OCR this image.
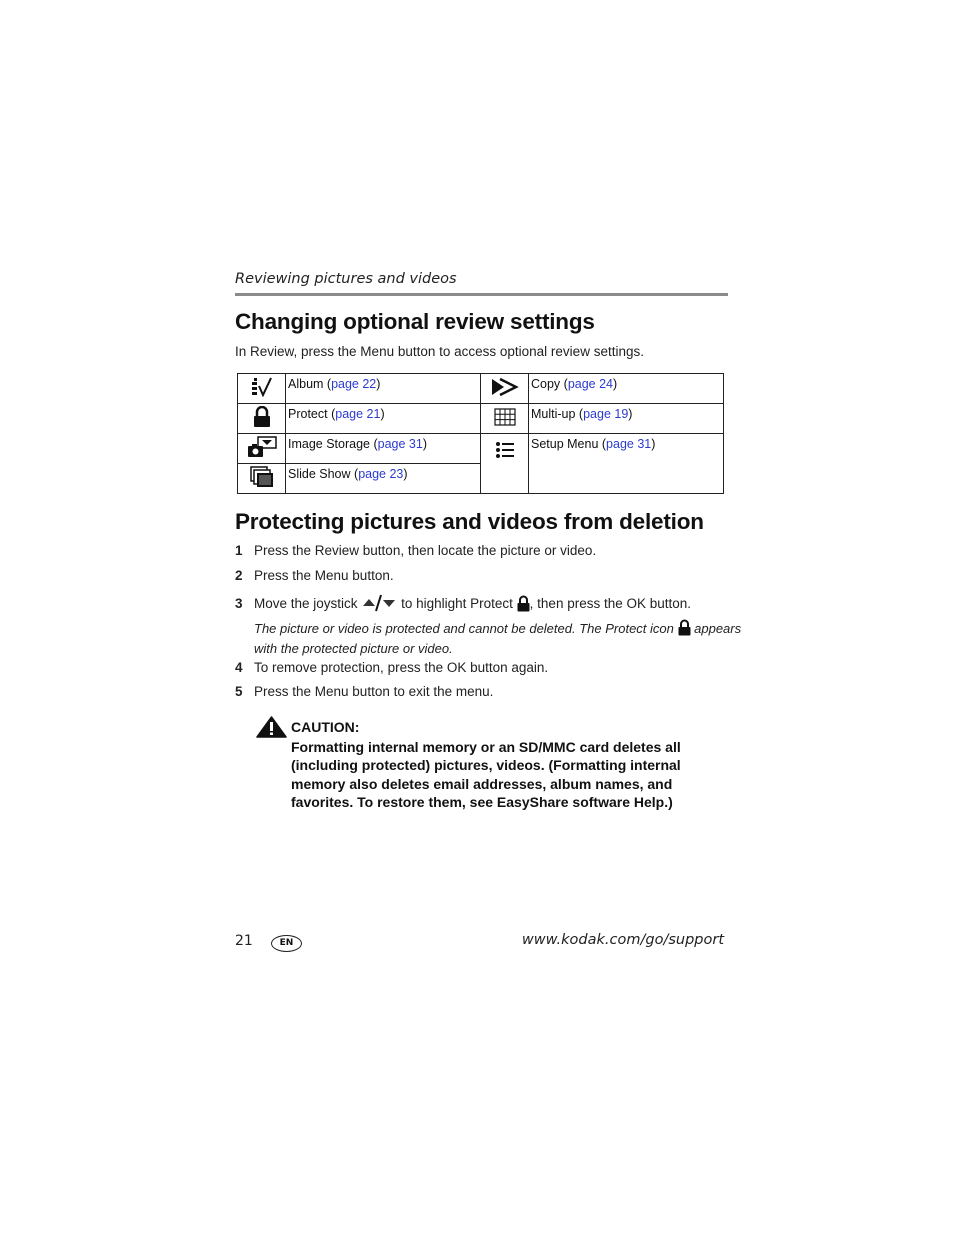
Reviewing pictures and videos
Changing optional review settings
In Review, press the Menu button to access optional review settings.
	Album (page 22)		Copy (page 24)
	Protect (page 21)		Multi-up (page 19)
	Image Storage (page 31)		Setup Menu (page 31)
	Slide Show (page 23)		
Protecting pictures and videos from deletion
1 Press the Review button, then locate the picture or video.
2 Press the Menu button.
3 Move the joystick	to highlight Protect , then press the OK button.
The picture or video is protected and cannot be deleted. The Protect icon appears
with the protected picture or video.
4 To remove protection, press the OK button again.
5 Press the Menu button to exit the menu.
CAUTION:
Formatting internal memory or an SD/MMC card deletes all (including protected) pictures, videos. (Formatting internal memory also deletes email addresses, album names, and favorites. To restore them, see EasyShare software Help.)
21	EN	www.kodak.com/go/support
